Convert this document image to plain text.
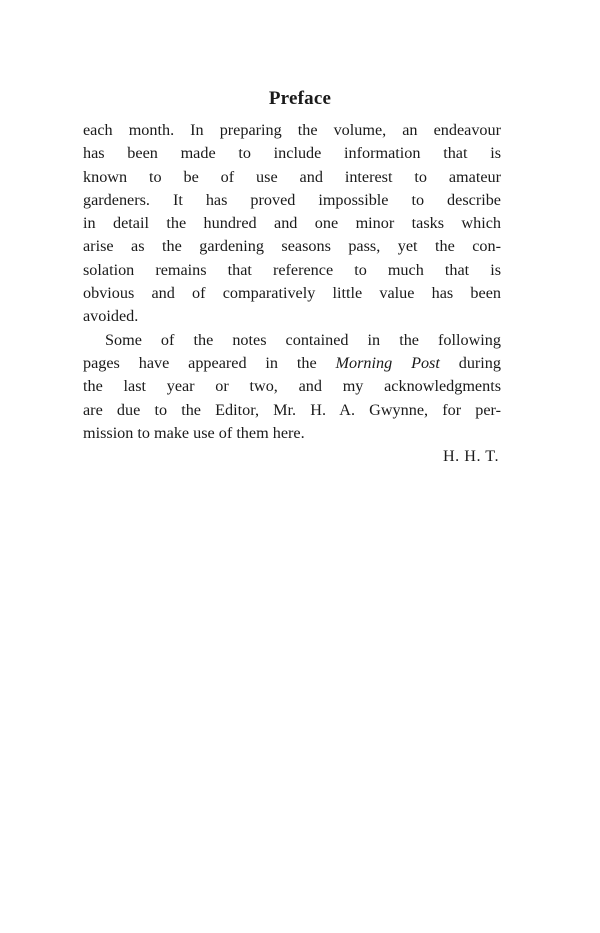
Preface
each month. In preparing the volume, an endeavour
has been made to include information that is
known to be of use and interest to amateur
gardeners. It has proved impossible to describe
in detail the hundred and one minor tasks which
arise as the gardening seasons pass, yet the con-
solation remains that reference to much that is
obvious and of comparatively little value has been
avoided.
Some of the notes contained in the following
pages have appeared in the Morning Post during
the last year or two, and my acknowledgments
are due to the Editor, Mr. H. A. Gwynne, for per-
mission to make use of them here.
H. H. T.
